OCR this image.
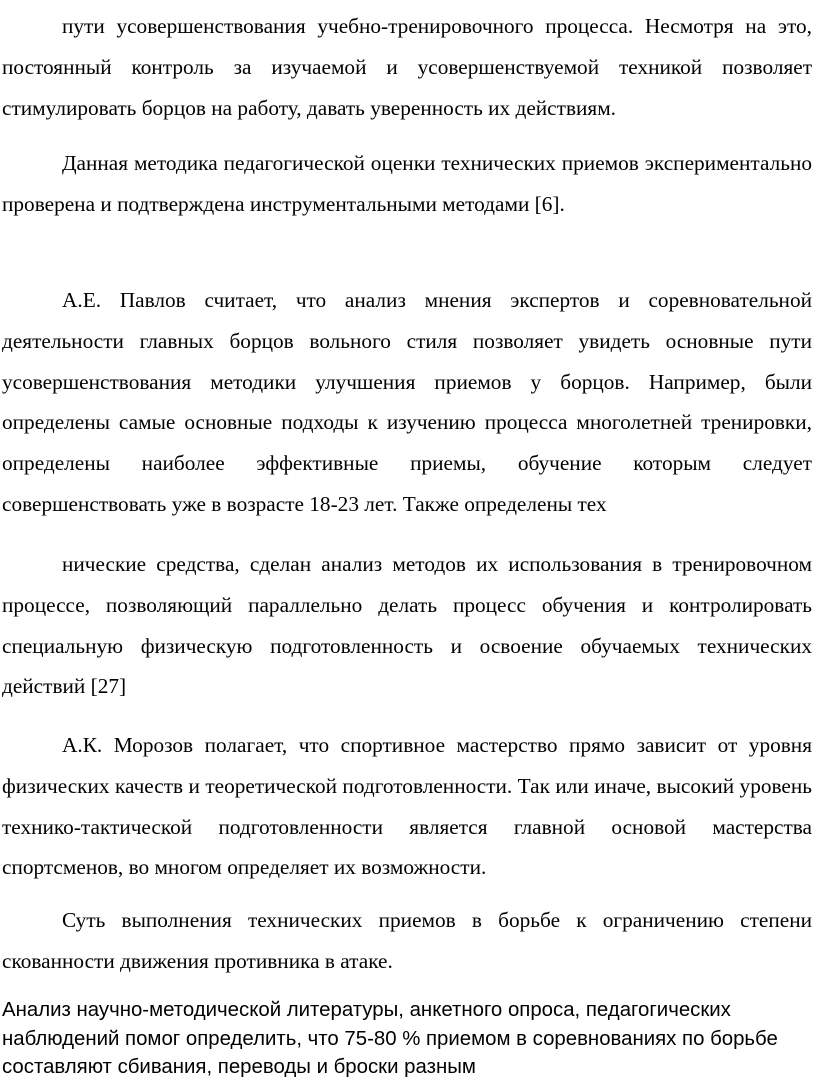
пути усовершенствования учебно-тренировочного процесса. Несмотря на это, постоянный контроль за изучаемой и усовершенствуемой техникой позволяет стимулировать борцов на работу, давать уверенность их действиям.

Данная методика педагогической оценки технических приемов экспериментально проверена и подтверждена инструментальными методами [6].

А.Е. Павлов считает, что анализ мнения экспертов и соревновательной деятельности главных борцов вольного стиля позволяет увидеть основные пути усовершенствования методики улучшения приемов у борцов. Например, были определены самые основные подходы к изучению процесса многолетней тренировки, определены наиболее эффективные приемы, обучение которым следует совершенствовать уже в возрасте 18-23 лет. Также определены тех

нические средства, сделан анализ методов их использования в тренировочном процессе, позволяющий параллельно делать процесс обучения и контролировать специальную физическую подготовленность и освоение обучаемых технических действий [27]

А.К. Морозов полагает, что спортивное мастерство прямо зависит от уровня физических качеств и теоретической подготовленности. Так или иначе, высокий уровень технико-тактической подготовленности является главной основой мастерства спортсменов, во многом определяет их возможности.

Суть выполнения технических приемов в борьбе к ограничению степени скованности движения противника в атаке.

Анализ научно-методической литературы, анкетного опроса, педагогических наблюдений помог определить, что 75-80 % приемом в соревнованиях по борьбе составляют сбивания, переводы и броски разным
